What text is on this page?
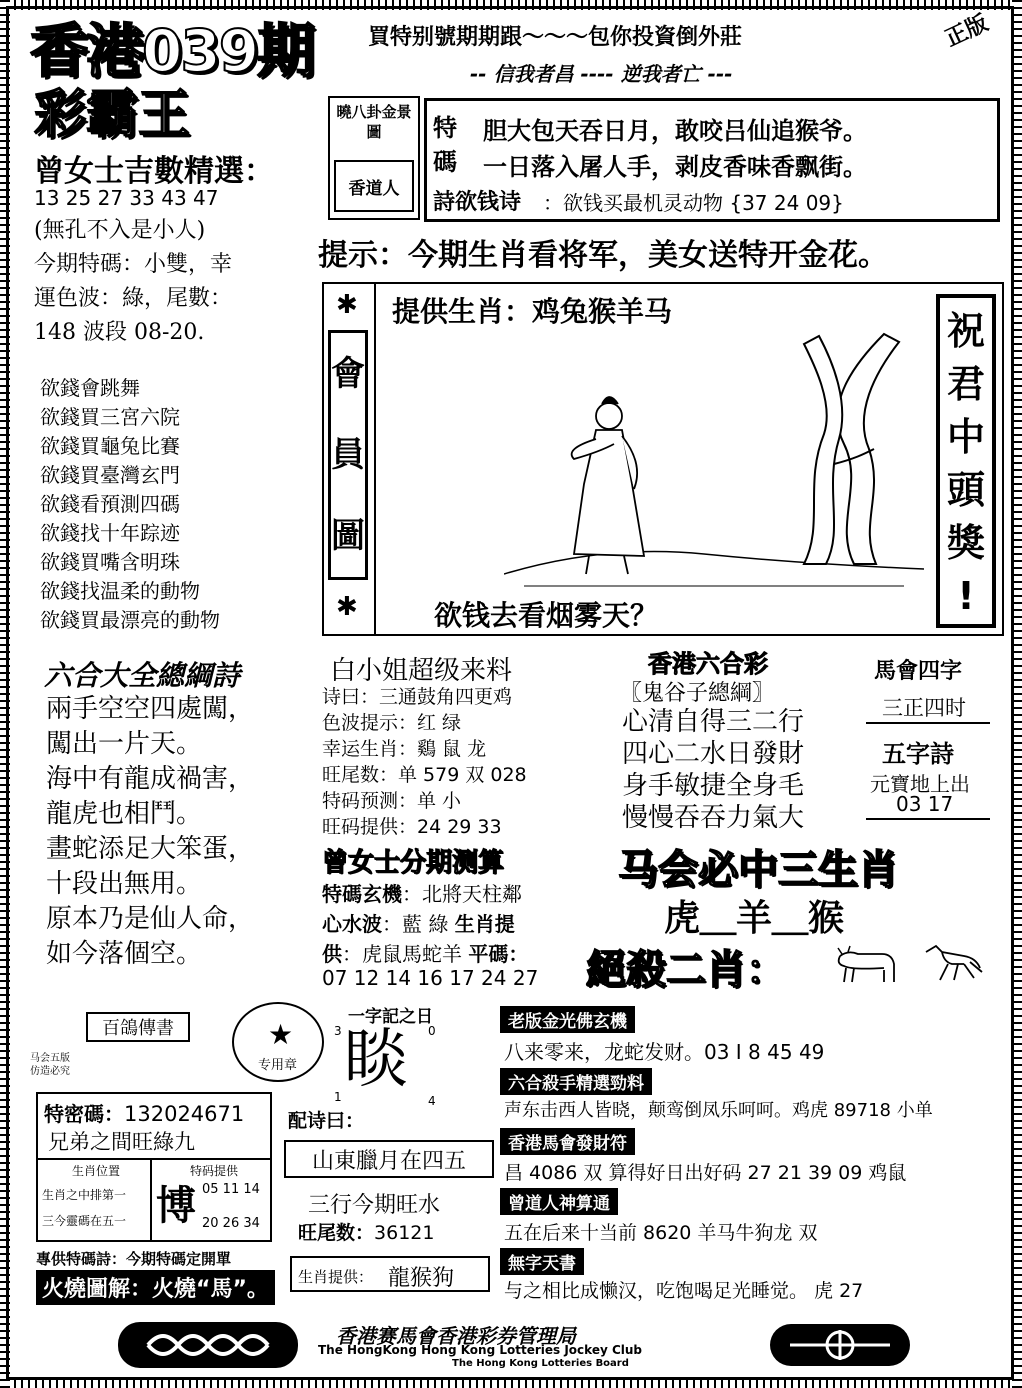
香港039期
彩霸王
買特别號期期跟～～～包你投資倒外莊	正版
-- 信我者昌 ---- 逆我者亡 ---
曾女士吉數精選：
13 25 27 33 43 47
(無孔不入是小人)
今期特碼：小雙，幸
運色波：綠，尾數：
148 波段 08-20.
欲錢會跳舞
欲錢買三宮六院
欲錢買龜兔比賽
欲錢買臺灣玄門
欲錢看預測四碼
欲錢找十年踪迹
欲錢買嘴含明珠
欲錢找温柔的動物
欲錢買最漂亮的動物
曉八卦金景圖
香道人
特
碼
胆大包天吞日月，敢咬吕仙追猴爷。
一日落入屠人手，剥皮香味香飘街。
詩欲钱诗 ：欲钱买最机灵动物 {37 24 09}
提示：今期生肖看将军，美女送特开金花。
✱
會
員
圖
✱
提供生肖：鸡兔猴羊马	祝
君
中
頭
獎
!
欲钱去看烟雾天？
六合大全總綱詩
兩手空空四處闖，
闖出一片天。
海中有龍成禍害，
龍虎也相鬥。
畫蛇添足大笨蛋，
十段出無用。
原本乃是仙人命，
如今落個空。
白小姐超级来料
诗曰：三通鼓角四更鸡
色波提示：红 绿
幸运生肖：鷄 鼠 龙
旺尾数：单 579 双 028
特码预测：单 小
旺码提供：24 29 33
香港六合彩
〖鬼谷子總綱〗
心清自得三二行
四心二水日發財
身手敏捷全身毛
慢慢吞吞力氣大
馬會四字
三正四时
五字詩
元寶地上出
03 17
曾女士分期测算
特碼玄機：北將天柱鄰
心水波：藍 綠 生肖提
供：虎鼠馬蛇羊 平碼：
07 12 14 16 17 24 27
马会必中三生肖
虎＿羊＿猴
絕殺二肖：
百鴿傳書
马会五版
仿造必究
★
专用章
一字記之日
3	0
睒
1	4
配诗曰：
山東臘月在四五
三行今期旺水
旺尾数：36121
生肖提供： 龍猴狗
特密碼：132024671
兄弟之間旺綠九
生肖位置
生肖之中排第一
三今靈碼在五一 博
特码提供
05 11 14
20 26 34
專供特碼詩：今期特碼定開單
火燒圖解：火燒“馬”。
老版金光佛玄機
八来零来，龙蛇发财。03 I 8 45 49
六合殺手精選勁料
声东击西人皆晓，颠鸾倒凤乐呵呵。鸡虎 89718 小单
香港馬會發財符
昌 4086 双 算得好日出好码 27 21 39 09 鸡鼠
曾道人神算通
五在后来十当前 8620 羊马牛狗龙 双
無字天書
与之相比成懒汉，吃饱喝足光睡觉。 虎 27
香港赛馬會香港彩券管理局
The HongKong Hong Kong Lotteries Jockey Club
The Hong Kong Lotteries Board
